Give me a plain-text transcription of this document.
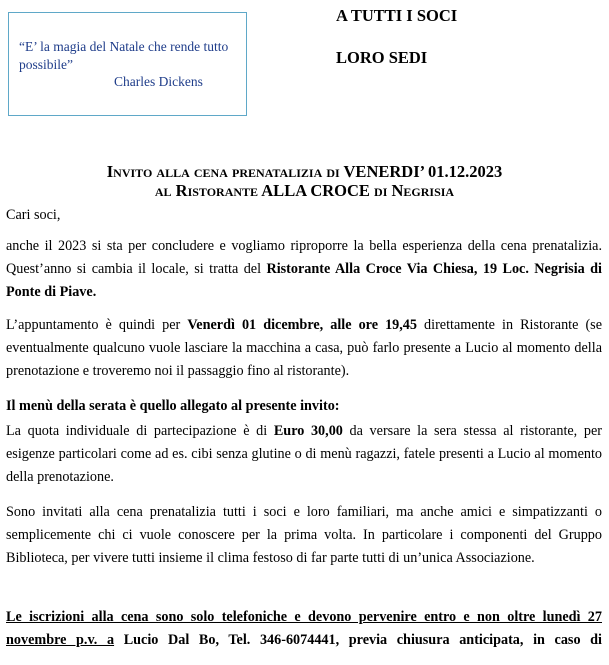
“E’ la magia del Natale che rende tutto possibile”
Charles Dickens
A TUTTI I SOCI
LORO SEDI
Invito alla cena prenatalizia di VENERDI’ 01.12.2023
al Ristorante ALLA CROCE di Negrisia
Cari soci,
anche il 2023 si sta per concludere e vogliamo riproporre la bella esperienza della cena prenatalizia. Quest’anno si cambia il locale, si tratta del Ristorante Alla Croce Via Chiesa, 19 Loc. Negrisia di Ponte di Piave.
L’appuntamento è quindi per Venerdì 01 dicembre, alle ore 19,45 direttamente in Ristorante (se eventualmente qualcuno vuole lasciare la macchina a casa, può farlo presente a Lucio al momento della prenotazione e troveremo noi il passaggio fino al ristorante).
Il menù della serata è quello allegato al presente invito:
La quota individuale di partecipazione è di Euro 30,00 da versare la sera stessa al ristorante, per esigenze particolari come ad es. cibi senza glutine o di menù ragazzi, fatele presenti a Lucio al momento della prenotazione.
Sono invitati alla cena prenatalizia tutti i soci e loro familiari, ma anche amici e simpatizzanti o semplicemente chi ci vuole conoscere per la prima volta. In particolare i componenti del Gruppo Biblioteca, per vivere tutti insieme il clima festoso di far parte tutti di un’unica Associazione.
Le iscrizioni alla cena sono solo telefoniche e devono pervenire entro e non oltre lunedì 27 novembre p.v. a Lucio Dal Bo, Tel. 346-6074441, previa chiusura anticipata, in caso di
